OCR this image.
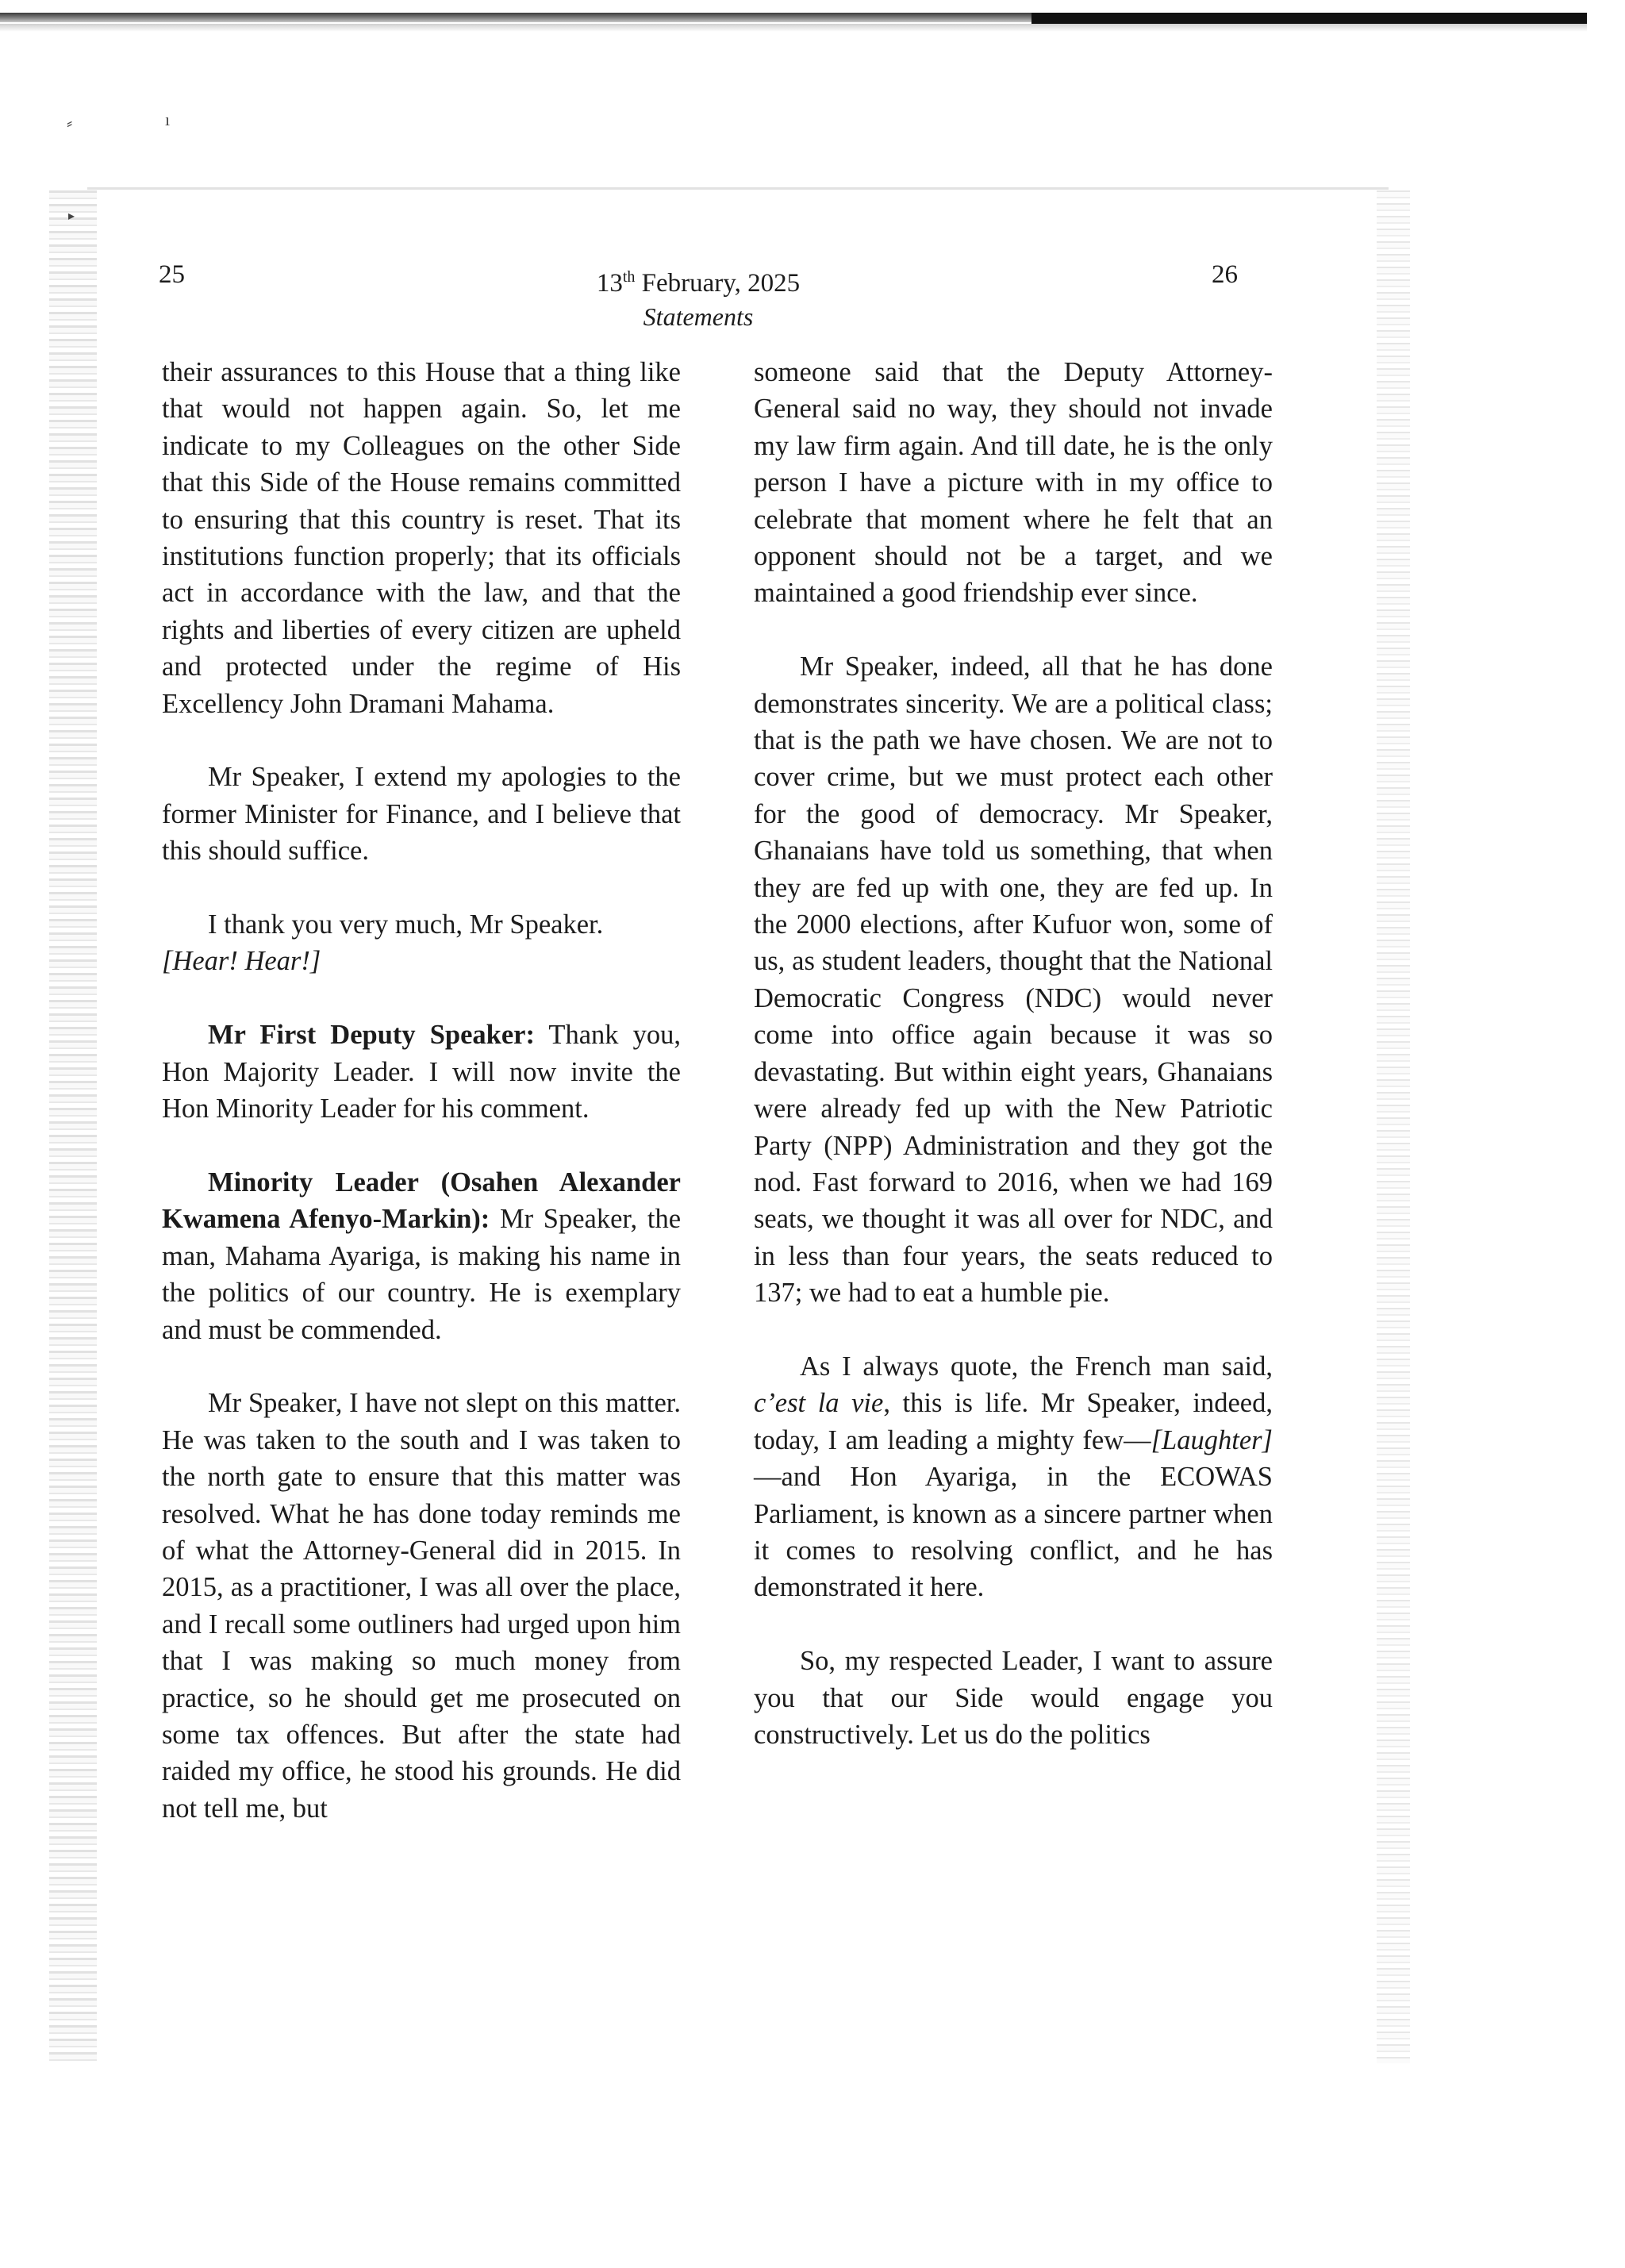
⸗	ı
▸
25	13th February, 2025
Statements
26

their assurances to this House that a thing like that would not happen again. So, let me indicate to my Colleagues on the other Side that this Side of the House remains committed to ensuring that this country is reset. That its institutions function properly; that its officials act in accordance with the law, and that the rights and liberties of every citizen are upheld and protected under the regime of His Excellency John Dramani Mahama.

Mr Speaker, I extend my apologies to the former Minister for Finance, and I believe that this should suffice.

I thank you very much, Mr Speaker.
[Hear! Hear!]

Mr First Deputy Speaker: Thank you, Hon Majority Leader. I will now invite the Hon Minority Leader for his comment.

Minority Leader (Osahen Alexander Kwamena Afenyo-Markin): Mr Speaker, the man, Mahama Ayariga, is making his name in the politics of our country. He is exemplary and must be commended.

Mr Speaker, I have not slept on this matter. He was taken to the south and I was taken to the north gate to ensure that this matter was resolved. What he has done today reminds me of what the Attorney-General did in 2015. In 2015, as a practitioner, I was all over the place, and I recall some outliners had urged upon him that I was making so much money from practice, so he should get me prosecuted on some tax offences. But after the state had raided my office, he stood his grounds. He did not tell me, but

someone said that the Deputy Attorney-General said no way, they should not invade my law firm again. And till date, he is the only person I have a picture with in my office to celebrate that moment where he felt that an opponent should not be a target, and we maintained a good friendship ever since.

Mr Speaker, indeed, all that he has done demonstrates sincerity. We are a political class; that is the path we have chosen. We are not to cover crime, but we must protect each other for the good of democracy. Mr Speaker, Ghanaians have told us something, that when they are fed up with one, they are fed up. In the 2000 elections, after Kufuor won, some of us, as student leaders, thought that the National Democratic Congress (NDC) would never come into office again because it was so devastating. But within eight years, Ghanaians were already fed up with the New Patriotic Party (NPP) Administration and they got the nod. Fast forward to 2016, when we had 169 seats, we thought it was all over for NDC, and in less than four years, the seats reduced to 137; we had to eat a humble pie.

As I always quote, the French man said, c’est la vie, this is life. Mr Speaker, indeed, today, I am leading a mighty few—[Laughter]—and Hon Ayariga, in the ECOWAS Parliament, is known as a sincere partner when it comes to resolving conflict, and he has demonstrated it here.

So, my respected Leader, I want to assure you that our Side would engage you constructively. Let us do the politics
